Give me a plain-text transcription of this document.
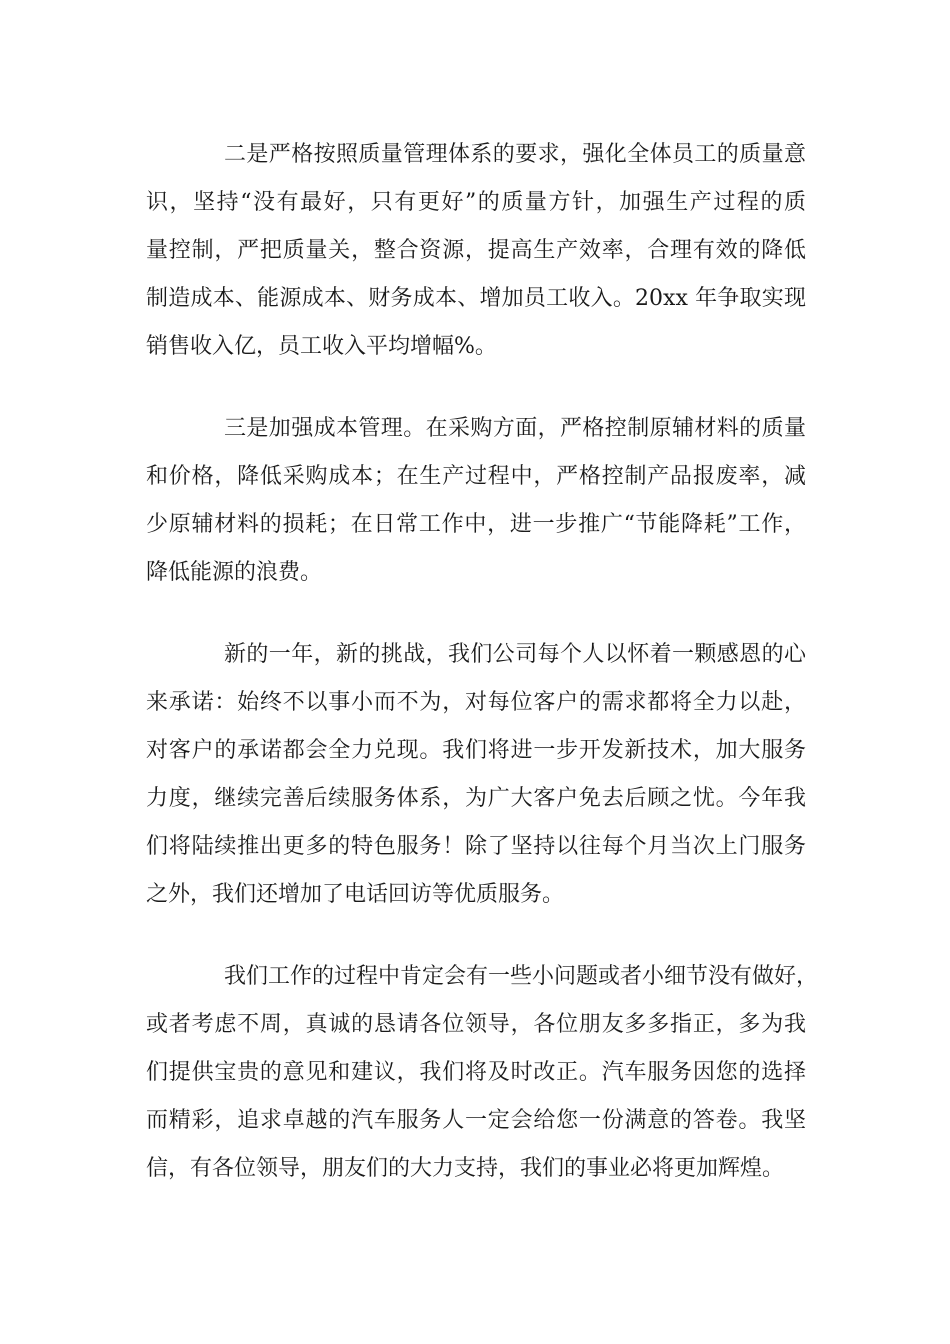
二是严格按照质量管理体系的要求，强化全体员工的质量意
识，坚持“没有最好，只有更好”的质量方针，加强生产过程的质
量控制，严把质量关，整合资源，提高生产效率，合理有效的降低
制造成本、能源成本、财务成本、增加员工收入。20xx 年争取实现
销售收入亿，员工收入平均增幅%。
三是加强成本管理。在采购方面，严格控制原辅材料的质量
和价格，降低采购成本；在生产过程中，严格控制产品报废率，减
少原辅材料的损耗；在日常工作中，进一步推广“节能降耗”工作，
降低能源的浪费。
新的一年，新的挑战，我们公司每个人以怀着一颗感恩的心
来承诺：始终不以事小而不为，对每位客户的需求都将全力以赴，
对客户的承诺都会全力兑现。我们将进一步开发新技术，加大服务
力度，继续完善后续服务体系，为广大客户免去后顾之忧。今年我
们将陆续推出更多的特色服务！除了坚持以往每个月当次上门服务
之外，我们还增加了电话回访等优质服务。
我们工作的过程中肯定会有一些小问题或者小细节没有做好，
或者考虑不周，真诚的恳请各位领导，各位朋友多多指正，多为我
们提供宝贵的意见和建议，我们将及时改正。汽车服务因您的选择
而精彩，追求卓越的汽车服务人一定会给您一份满意的答卷。我坚
信，有各位领导，朋友们的大力支持，我们的事业必将更加辉煌。
